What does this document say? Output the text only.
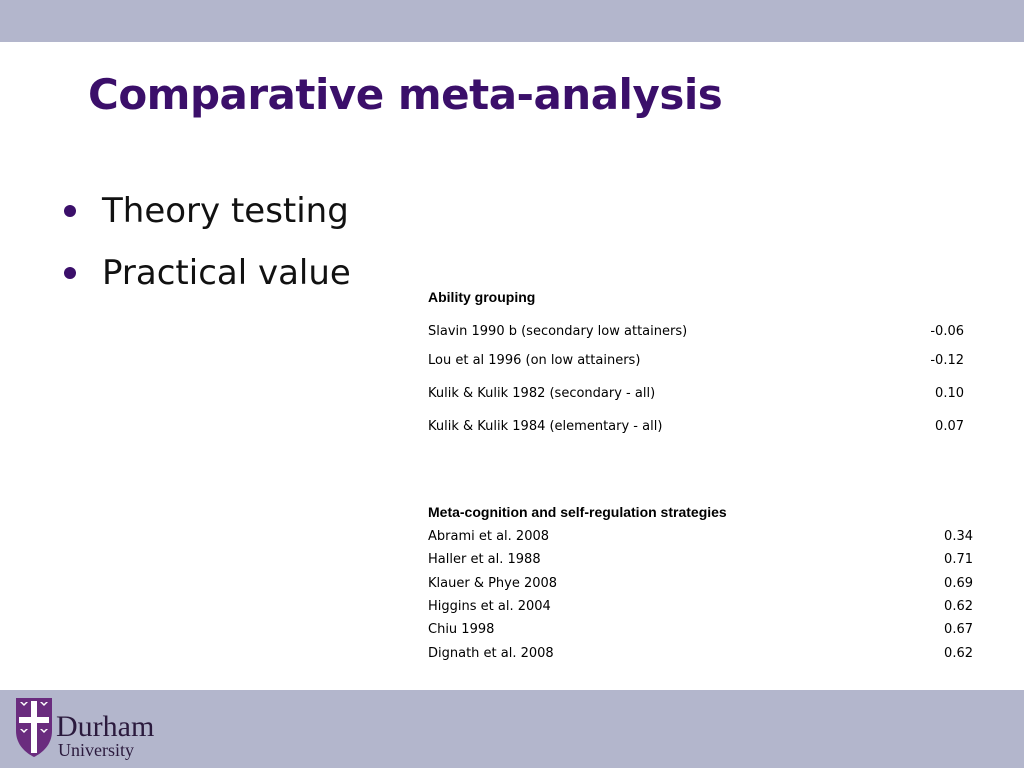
Comparative meta-analysis
Theory testing
Practical value
Ability grouping
Slavin 1990 b (secondary low attainers)	-0.06
Lou et al 1996 (on low attainers)	-0.12
Kulik & Kulik 1982 (secondary - all)	0.10
Kulik & Kulik 1984 (elementary - all)	0.07
Meta-cognition and self-regulation strategies
Abrami et al. 2008	0.34
Haller et al. 1988	0.71
Klauer & Phye 2008	0.69
Higgins et al. 2004	0.62
Chiu 1998	0.67
Dignath et al. 2008	0.62
Durham
University
